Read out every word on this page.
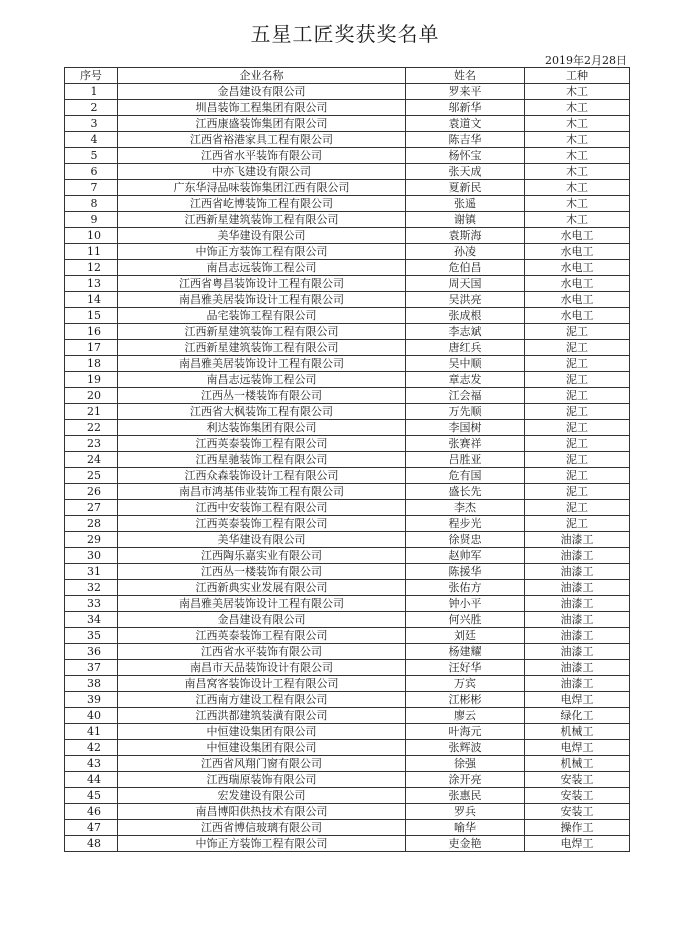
五星工匠奖获奖名单
2019年2月28日
序号	企业名称	姓名	工种
1	金昌建设有限公司	罗来平	木工
2	圳昌装饰工程集团有限公司	邬新华	木工
3	江西康盛装饰集团有限公司	袁道文	木工
4	江西省裕港家具工程有限公司	陈吉华	木工
5	江西省水平装饰有限公司	杨怀宝	木工
6	中亦飞建设有限公司	张天成	木工
7	广东华浔品味装饰集团江西有限公司	夏新民	木工
8	江西省屹博装饰工程有限公司	张遥	木工
9	江西新星建筑装饰工程有限公司	谢镇	木工
10	美华建设有限公司	袁斯海	水电工
11	中饰正方装饰工程有限公司	孙凌	水电工
12	南昌志远装饰工程公司	危伯昌	水电工
13	江西省粤昌装饰设计工程有限公司	周天国	水电工
14	南昌雅美居装饰设计工程有限公司	吴洪亮	水电工
15	品宅装饰工程有限公司	张成根	水电工
16	江西新星建筑装饰工程有限公司	李志斌	泥工
17	江西新星建筑装饰工程有限公司	唐红兵	泥工
18	南昌雅美居装饰设计工程有限公司	吴中顺	泥工
19	南昌志远装饰工程公司	章志发	泥工
20	江西丛一楼装饰有限公司	江会福	泥工
21	江西省大枫装饰工程有限公司	万先顺	泥工
22	利达装饰集团有限公司	李国树	泥工
23	江西英泰装饰工程有限公司	张赛祥	泥工
24	江西星驰装饰工程有限公司	吕胜亚	泥工
25	江西众森装饰设计工程有限公司	危有国	泥工
26	南昌市鸿基伟业装饰工程有限公司	盛长先	泥工
27	江西中安装饰工程有限公司	李杰	泥工
28	江西英泰装饰工程有限公司	程步光	泥工
29	美华建设有限公司	徐贤忠	油漆工
30	江西陶乐嘉实业有限公司	赵帅军	油漆工
31	江西丛一楼装饰有限公司	陈援华	油漆工
32	江西新典实业发展有限公司	张佑方	油漆工
33	南昌雅美居装饰设计工程有限公司	钟小平	油漆工
34	金昌建设有限公司	何兴胜	油漆工
35	江西英泰装饰工程有限公司	刘廷	油漆工
36	江西省水平装饰有限公司	杨建耀	油漆工
37	南昌市天品装饰设计有限公司	汪好华	油漆工
38	南昌窝客装饰设计工程有限公司	万宾	油漆工
39	江西南方建设工程有限公司	江彬彬	电焊工
40	江西洪都建筑装潢有限公司	廖云	绿化工
41	中恒建设集团有限公司	叶海元	机械工
42	中恒建设集团有限公司	张辉波	电焊工
43	江西省风翔门窗有限公司	徐强	机械工
44	江西瑞原装饰有限公司	涂开亮	安装工
45	宏发建设有限公司	张惠民	安装工
46	南昌博阳供热技术有限公司	罗兵	安装工
47	江西省博信玻璃有限公司	喻华	操作工
48	中饰正方装饰工程有限公司	吏金艳	电焊工
